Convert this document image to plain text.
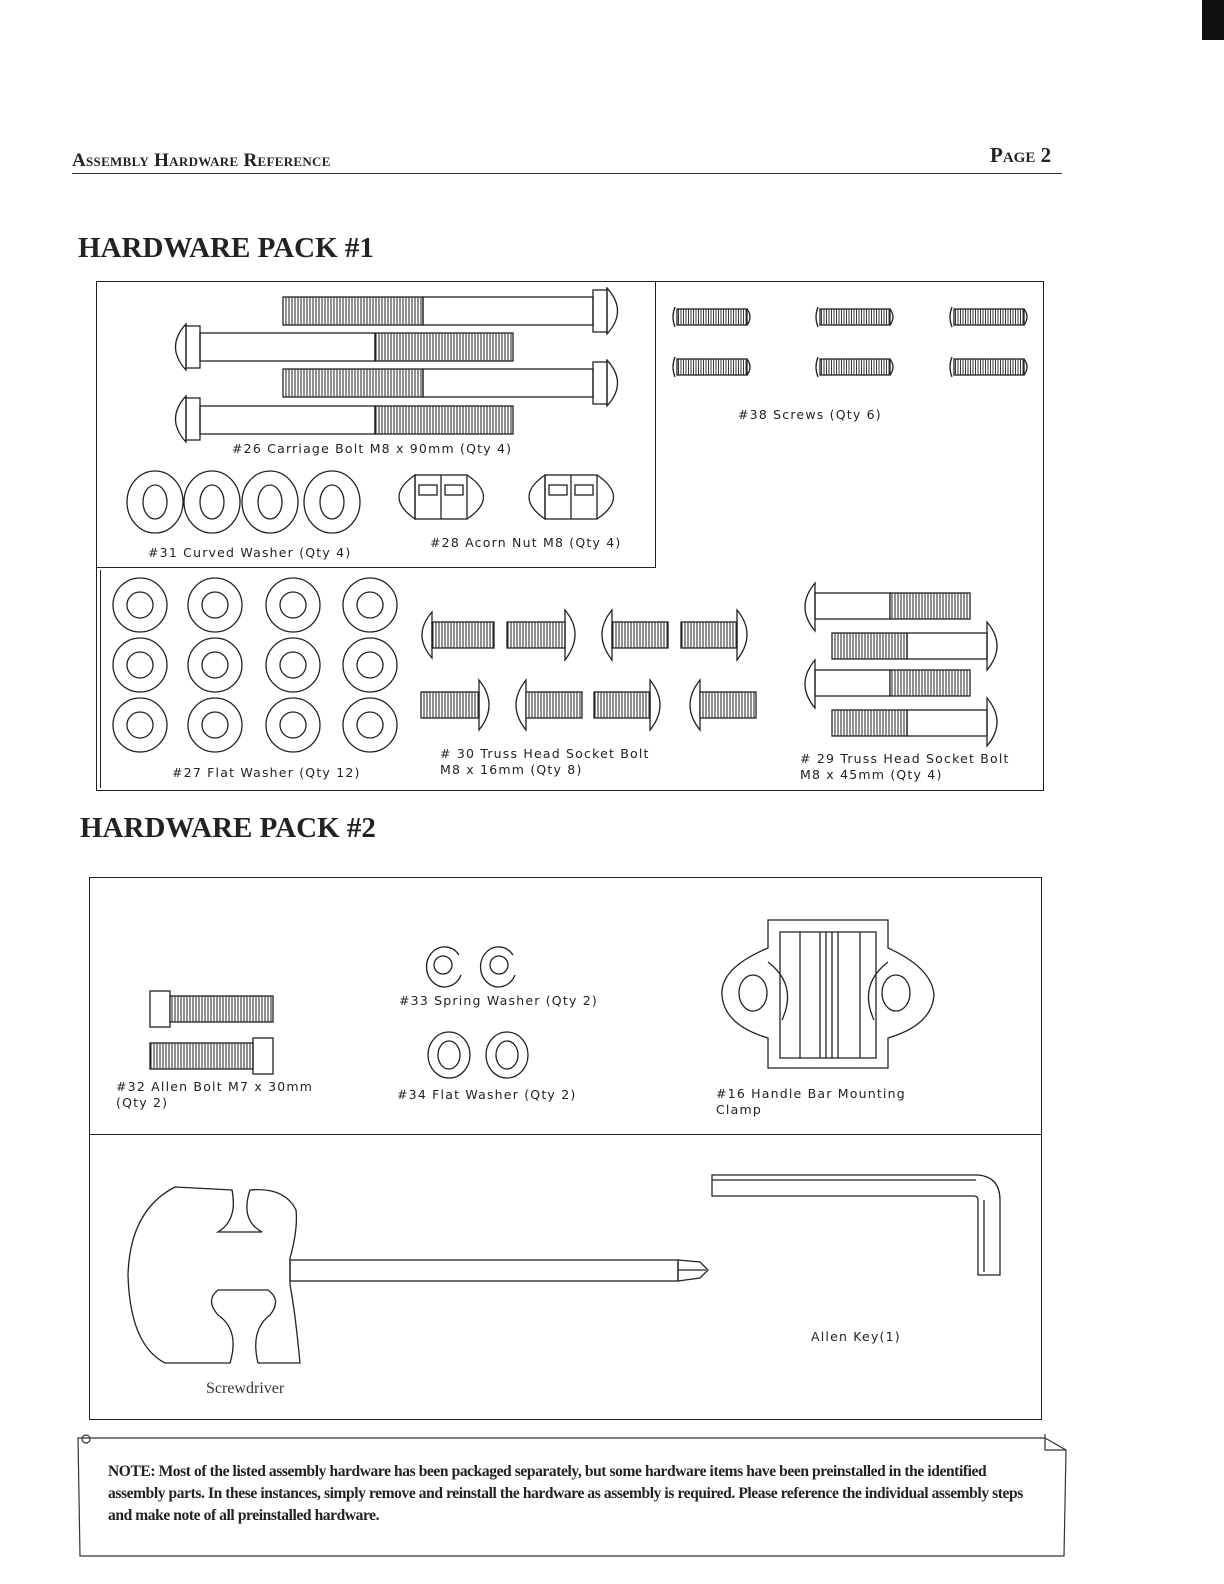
Assembly Hardware Reference	Page 2
HARDWARE PACK #1
#26 Carriage Bolt M8 x 90mm (Qty 4)
#38 Screws (Qty 6)
#31 Curved Washer (Qty 4)
#28 Acorn Nut M8 (Qty 4)
#27 Flat Washer (Qty 12)
# 30 Truss Head Socket Bolt
M8 x 16mm (Qty 8)
# 29 Truss Head Socket Bolt
M8 x 45mm (Qty 4)
HARDWARE PACK #2
#32 Allen Bolt M7 x 30mm
(Qty 2)
#33 Spring Washer (Qty 2)
#34 Flat Washer (Qty 2)	#16 Handle Bar Mounting
Clamp
Screwdriver
Allen Key(1)
NOTE: Most of the listed assembly hardware has been packaged separately, but some hardware items have been preinstalled in the identified assembly parts. In these instances, simply remove and reinstall the hardware as assembly is required. Please reference the individual assembly steps and make note of all preinstalled hardware.
